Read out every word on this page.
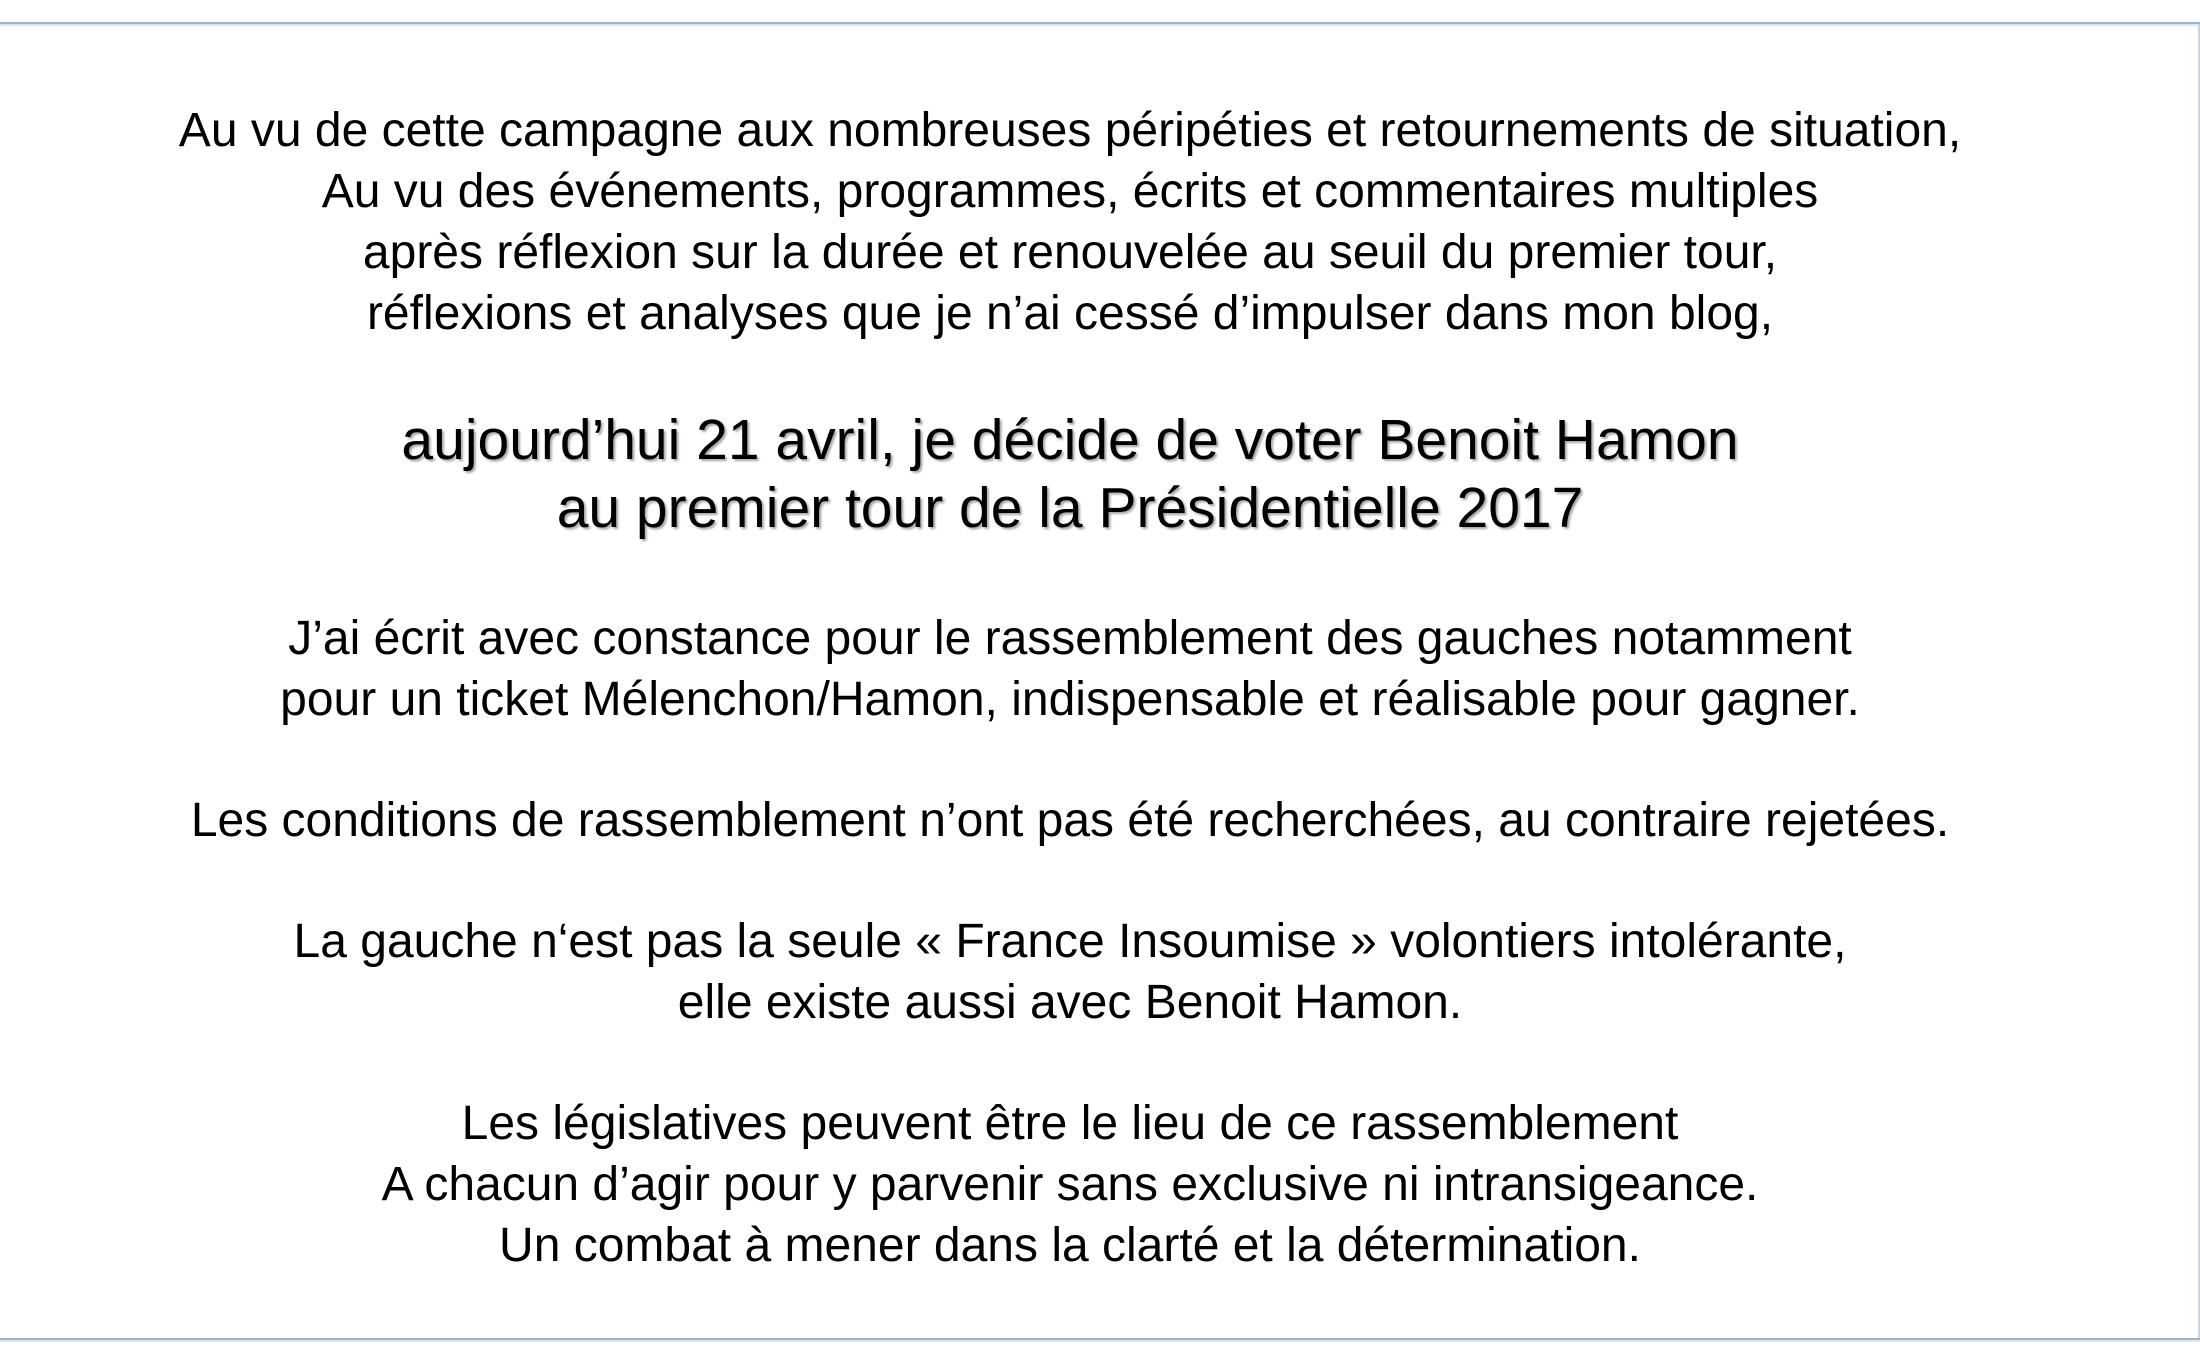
Au vu de cette campagne aux nombreuses péripéties et retournements de situation,
Au vu des événements, programmes, écrits et commentaires multiples
après réflexion sur la durée et renouvelée au seuil du premier tour,
réflexions et analyses que je n’ai cessé d’impulser dans mon blog,

aujourd’hui 21 avril, je décide de voter Benoit Hamon
au premier tour de la Présidentielle 2017

J’ai écrit avec constance pour le rassemblement des gauches notamment
pour un ticket Mélenchon/Hamon, indispensable et réalisable pour gagner.

Les conditions de rassemblement n’ont pas été recherchées, au contraire rejetées.

La gauche n‘est pas la seule « France Insoumise » volontiers intolérante,
elle existe aussi avec Benoit Hamon.

Les législatives peuvent être le lieu de ce rassemblement
A chacun d’agir pour y parvenir sans exclusive ni intransigeance.
Un combat à mener dans la clarté et la détermination.
